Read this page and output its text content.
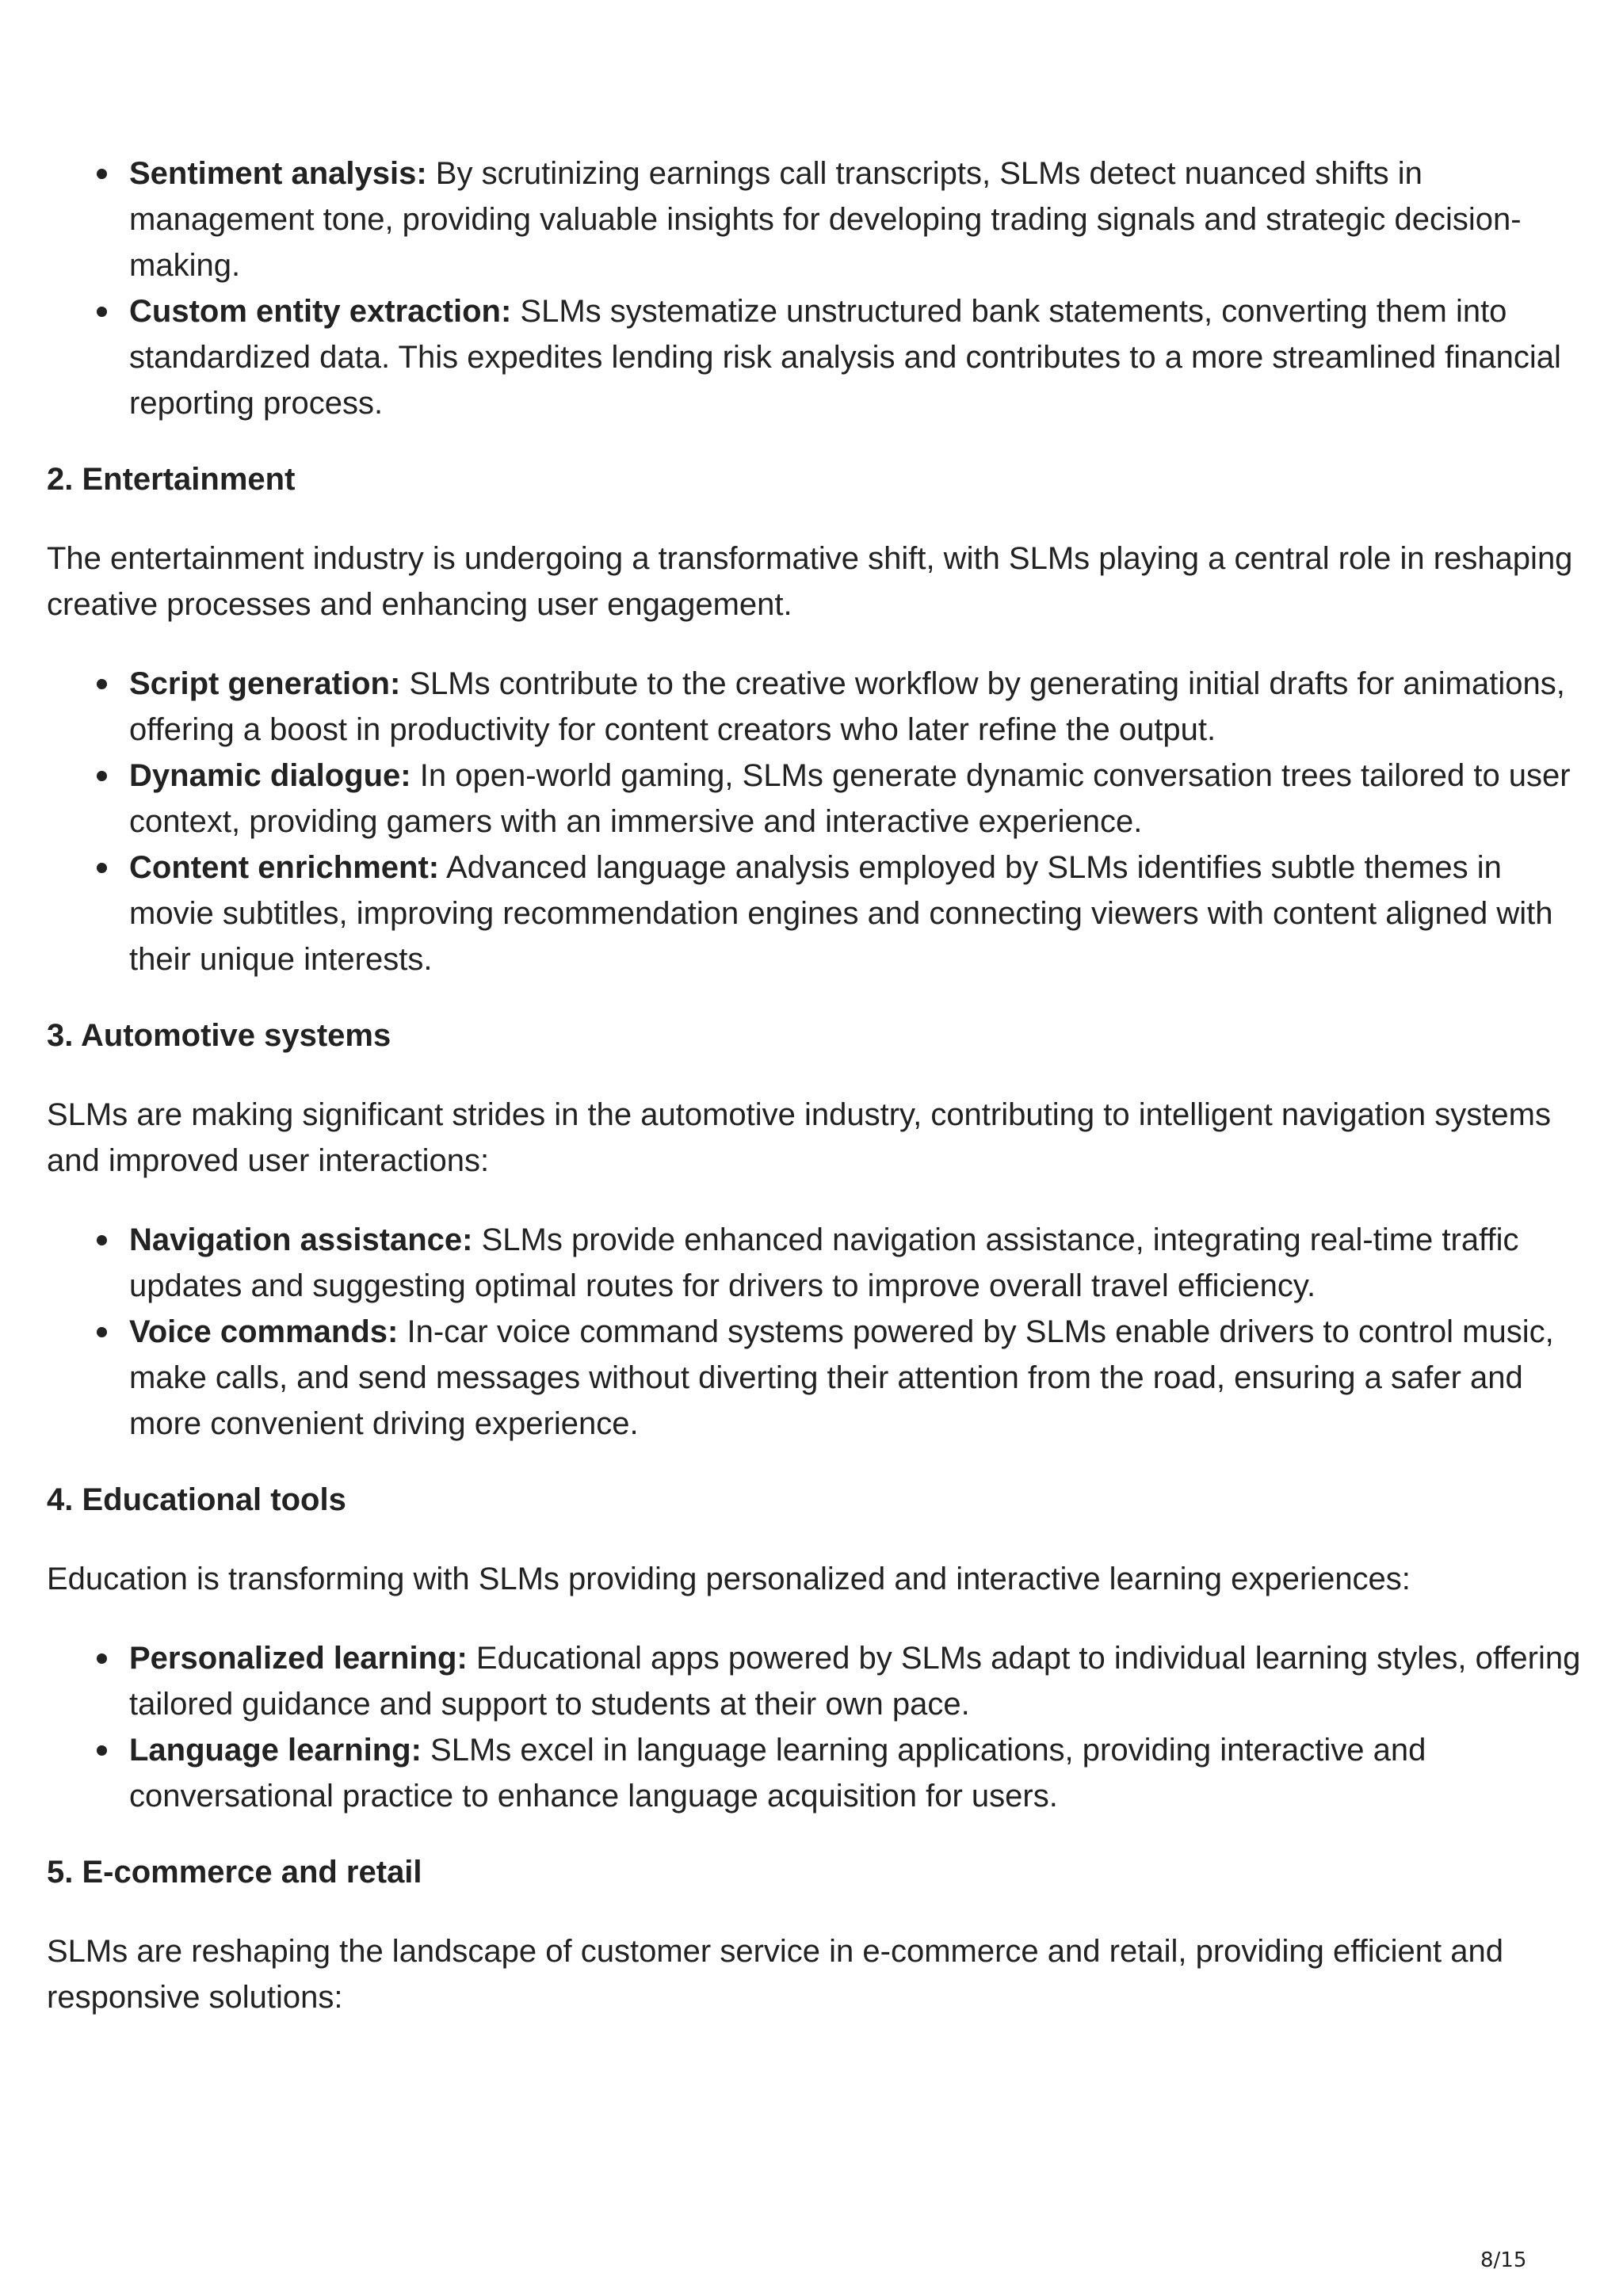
Sentiment analysis: By scrutinizing earnings call transcripts, SLMs detect nuanced shifts in management tone, providing valuable insights for developing trading signals and strategic decision-making.
Custom entity extraction: SLMs systematize unstructured bank statements, converting them into standardized data. This expedites lending risk analysis and contributes to a more streamlined financial reporting process.
2. Entertainment
The entertainment industry is undergoing a transformative shift, with SLMs playing a central role in reshaping creative processes and enhancing user engagement.
Script generation: SLMs contribute to the creative workflow by generating initial drafts for animations, offering a boost in productivity for content creators who later refine the output.
Dynamic dialogue: In open-world gaming, SLMs generate dynamic conversation trees tailored to user context, providing gamers with an immersive and interactive experience.
Content enrichment: Advanced language analysis employed by SLMs identifies subtle themes in movie subtitles, improving recommendation engines and connecting viewers with content aligned with their unique interests.
3. Automotive systems
SLMs are making significant strides in the automotive industry, contributing to intelligent navigation systems and improved user interactions:
Navigation assistance: SLMs provide enhanced navigation assistance, integrating real-time traffic updates and suggesting optimal routes for drivers to improve overall travel efficiency.
Voice commands: In-car voice command systems powered by SLMs enable drivers to control music, make calls, and send messages without diverting their attention from the road, ensuring a safer and more convenient driving experience.
4. Educational tools
Education is transforming with SLMs providing personalized and interactive learning experiences:
Personalized learning: Educational apps powered by SLMs adapt to individual learning styles, offering tailored guidance and support to students at their own pace.
Language learning: SLMs excel in language learning applications, providing interactive and conversational practice to enhance language acquisition for users.
5. E-commerce and retail
SLMs are reshaping the landscape of customer service in e-commerce and retail, providing efficient and responsive solutions:
8/15
